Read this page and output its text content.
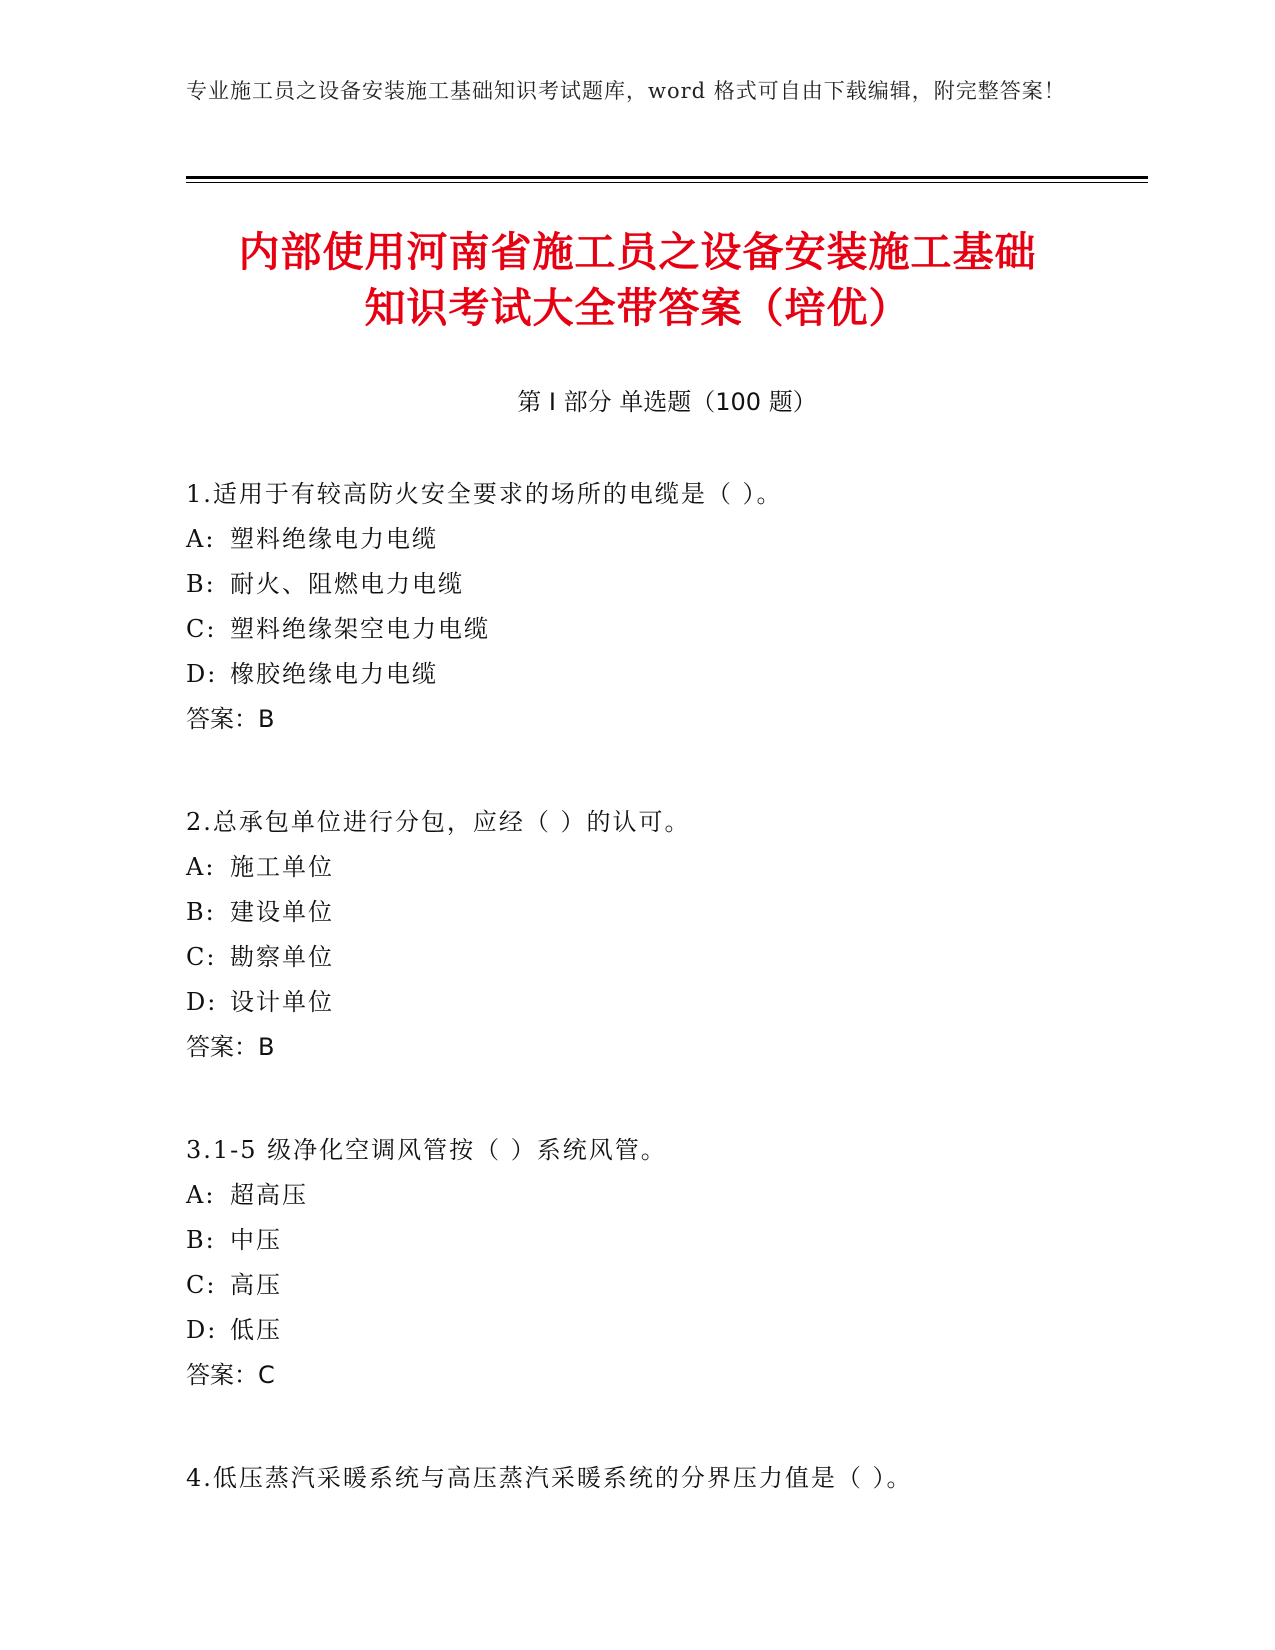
专业施工员之设备安装施工基础知识考试题库，word 格式可自由下载编辑，附完整答案！
内部使用河南省施工员之设备安装施工基础
知识考试大全带答案（培优）
第 I 部分 单选题（100 题）
1.适用于有较高防火安全要求的场所的电缆是（ ）。
A: 塑料绝缘电力电缆
B: 耐火、阻燃电力电缆
C: 塑料绝缘架空电力电缆
D: 橡胶绝缘电力电缆
答案：B
2.总承包单位进行分包，应经（ ）的认可。
A: 施工单位
B: 建设单位
C: 勘察单位
D: 设计单位
答案：B
3.1-5 级净化空调风管按（ ）系统风管。
A: 超高压
B: 中压
C: 高压
D: 低压
答案：C
4.低压蒸汽采暖系统与高压蒸汽采暖系统的分界压力值是（ ）。
